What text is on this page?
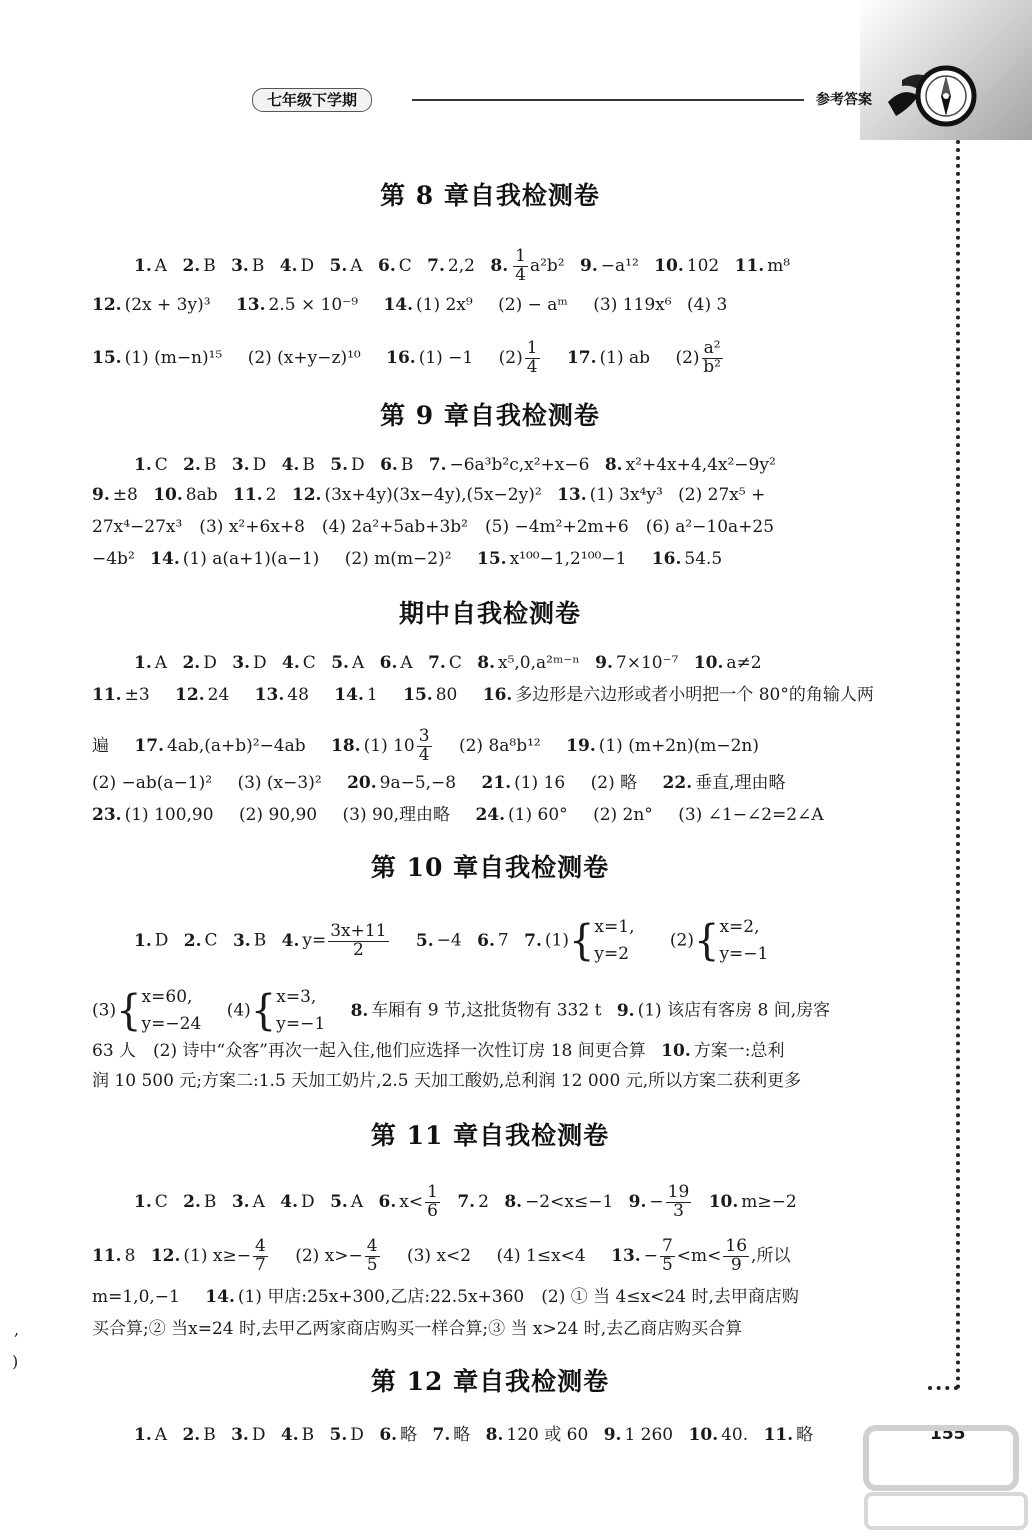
七年级下学期	参考答案
,
)
第 8 章自我检测卷
1. A 2. B 3. B 4. D 5. A 6. C 7. 2,2 8. $\frac{1}{4} a^2b^2$ 9. −a¹² 10. 102 11. m⁸
12. (2x + 3y)³ 13. 2.5 × 10⁻⁹ 14. (1) 2x⁹ (2) − aᵐ (3) 119x⁶ (4) 3
15. (1) (m−n)¹⁵ (2) (x+y−z)¹⁰ 16. (1) −1 $(2) \frac{1}{4} 17$. (1) ab $(2) \frac{\text{a²}}{\text{b²}}$
第 9 章自我检测卷
1. C 2. B 3. D 4. B 5. D 6. B 7. −6a³b²c,x²+x−6 8. x²+4x+4,4x²−9y²
9. ±8 10. 8ab 11. 2 12. (3x+4y)(3x−4y),(5x−2y)² 13. (1) 3x⁴y³ (2) 27x⁵ +
27x⁴−27x³　(3) x²+6x+8　(4) 2a²+5ab+3b²　(5) −4m²+2m+6　(6) a²−10a+25
−4b² 14. (1) a(a+1)(a−1) (2) m(m−2)² 15. x¹⁰⁰−1,2¹⁰⁰−1 16. 54.5
期中自我检测卷
1. A 2. D 3. D 4. C 5. A 6. A 7. C 8. x⁵,0,a²ᵐ⁻ⁿ 9. 7×10⁻⁷ 10. a≠2
11. ±3 12. 24 13. 48 14. 1 15. 80 16. 多边形是六边形或者小明把一个 80°的角输人两
遍 17. 4ab,(a+b)²−4ab 18. (1) $10 \frac{3}{4} (2)$ 8a⁸b¹² 19. (1) (m+2n)(m−2n)
(2) −ab(a−1)² (3) (x−3)² 20. 9a−5,−8 21. (1) 16 (2) 略 22. 垂直,理由略
23. (1) 100,90 (2) 90,90 (3) 90,理由略 24. (1) 60° (2) 2n° (3) ∠1−∠2=2∠A
第 10 章自我检测卷
1. D 2. C 3. B 4. $y= \frac{3x+11}{2} 5$. −4 6. 7 7. (1){ x=1,
y=2
(2){ x=2,
y=−1
(3){ x=60,
y=−24
(4){ x=3,
y=−1
8. 车厢有 9 节,这批货物有 332 t 9. (1) 该店有客房 8 间,房客
63 人　(2) 诗中“众客”再次一起入住,他们应选择一次性订房 18 间更合算 10. 方案一:总利
润 10 500 元;方案二:1.5 天加工奶片,2.5 天加工酸奶,总利润 12 000 元,所以方案二获利更多
第 11 章自我检测卷
1. C 2. B 3. A 4. D 5. A 6. $x< \frac{1}{6} 7$. 2 8. −2<x≤−1 9. − $\frac{19}{3} 10$. m≥−2
11. 8 12. (1) $x\ge- \frac{4}{7} (2)$ $x>- \frac{4}{5} (3)$ x<2 (4) 1≤x<4 13. − $\frac{7}{5} <m< \frac{16}{9}$ ,所以
m=1,0,−1 14. (1) 甲店:25x+300,乙店:22.5x+360　(2) ① 当 4≤x<24 时,去甲商店购
买合算;② 当x=24 时,去甲乙两家商店购买一样合算;③ 当 x>24 时,去乙商店购买合算
第 12 章自我检测卷
1. A 2. B 3. D 4. B 5. D 6. 略 7. 略 8. 120 或 60 9. 1 260 10. 40. 11. 略	155
